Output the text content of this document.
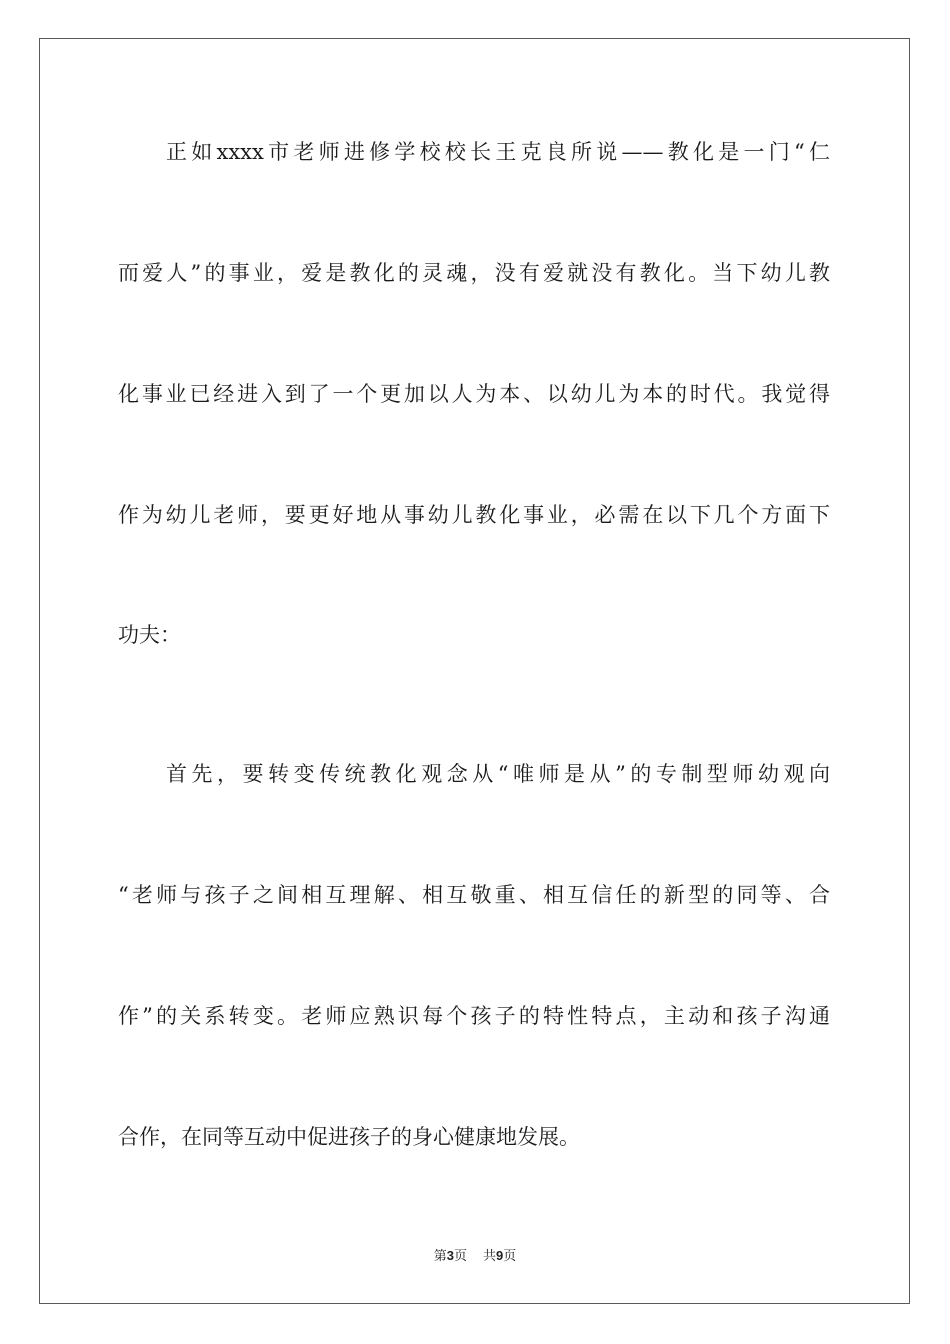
正如xxxx市老师进修学校校长王克良所说——教化是一门“仁
而爱人”的事业，爱是教化的灵魂，没有爱就没有教化。当下幼儿教
化事业已经进入到了一个更加以人为本、以幼儿为本的时代。我觉得
作为幼儿老师，要更好地从事幼儿教化事业，必需在以下几个方面下
功夫：
首先，要转变传统教化观念从“唯师是从”的专制型师幼观向
“老师与孩子之间相互理解、相互敬重、相互信任的新型的同等、合
作”的关系转变。老师应熟识每个孩子的特性特点，主动和孩子沟通
合作，在同等互动中促进孩子的身心健康地发展。
第3页 共9页
